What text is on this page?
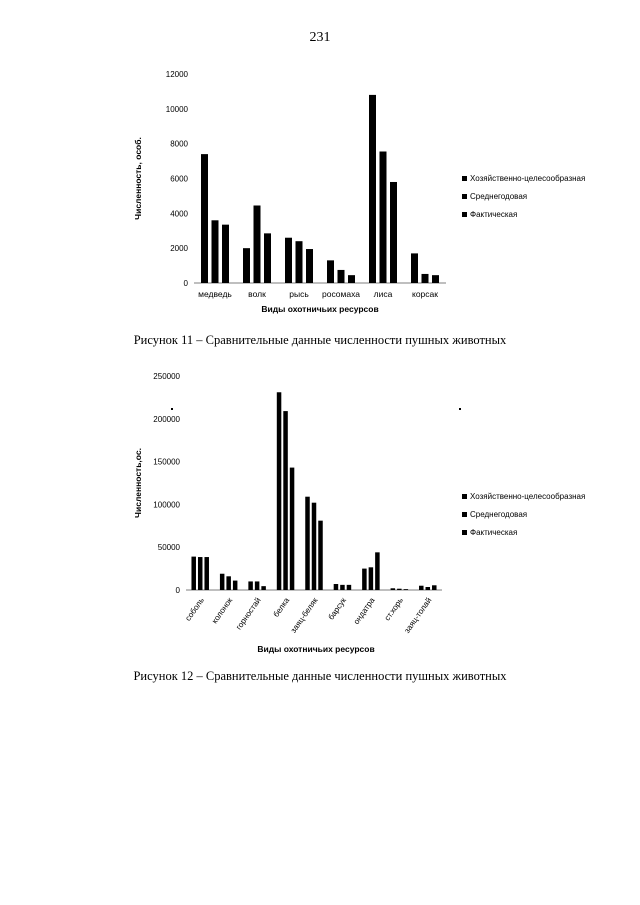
231
0
2000
4000
6000
8000
10000
12000
медведь волк	рысь росомаха лиса корсак
Виды охотничьих ресурсов
Численность, особ.	Хозяйственно-целесообразная
Среднегодовая
Фактическая
Рисунок 11 – Сравнительные данные численности пушных животных
0
50000
100000
150000
200000
250000
соболь колонок горностай белка
заяц-беляк барсук ондатра ст.хорь
заяц-толай
Виды охотничьих ресурсов
Численность,ос.	Хозяйственно-целесообразная
Среднегодовая
Фактическая
Рисунок 12 – Сравнительные данные численности пушных животных
